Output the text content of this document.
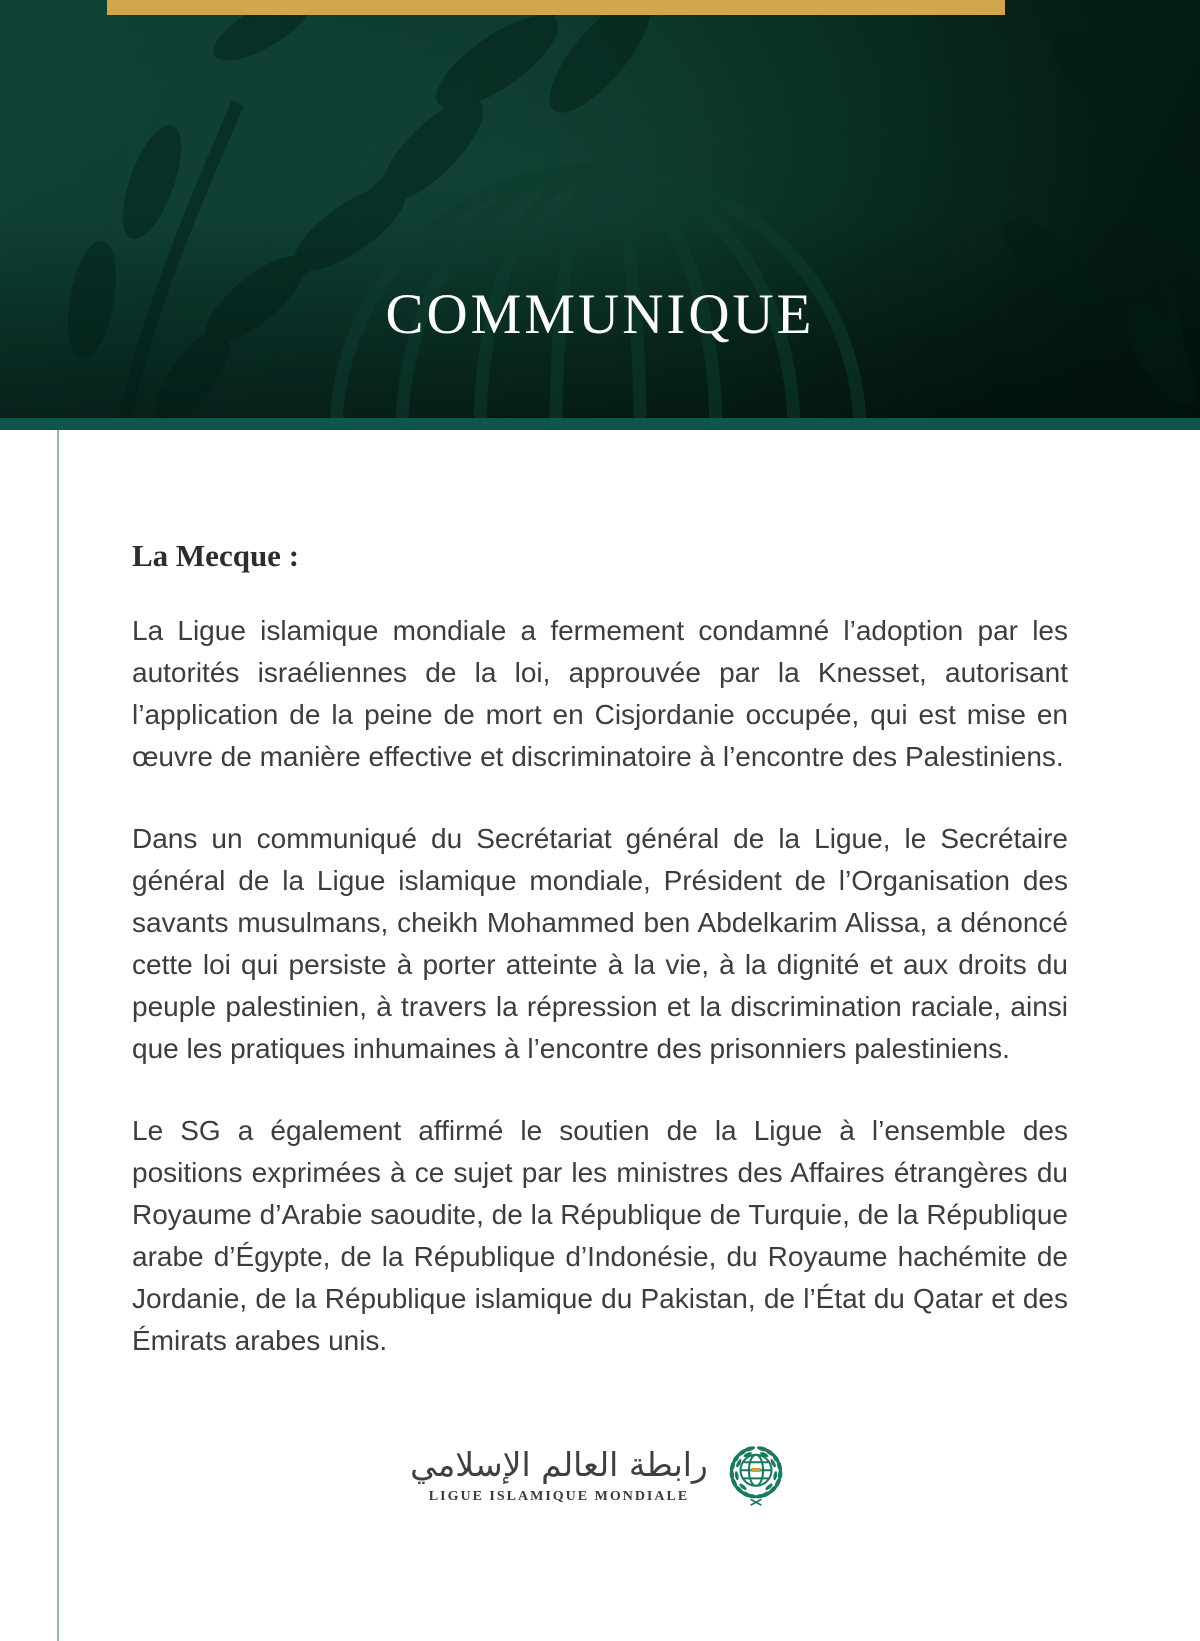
COMMUNIQUE
La Mecque :

La Ligue islamique mondiale a fermement condamné l’adoption par les autorités israéliennes de la loi, approuvée par la Knesset, autorisant l’application de la peine de mort en Cisjordanie occupée, qui est mise en œuvre de manière effective et discriminatoire à l’encontre des Palestiniens.

Dans un communiqué du Secrétariat général de la Ligue, le Secrétaire général de la Ligue islamique mondiale, Président de l’Organisation des savants musulmans, cheikh Mohammed ben Abdelkarim Alissa, a dénoncé cette loi qui persiste à porter atteinte à la vie, à la dignité et aux droits du peuple palestinien, à travers la répression et la discrimination raciale, ainsi que les pratiques inhumaines à l’encontre des prisonniers palestiniens.

Le SG a également affirmé le soutien de la Ligue à l’ensemble des positions exprimées à ce sujet par les ministres des Affaires étrangères du Royaume d’Arabie saoudite, de la République de Turquie, de la République arabe d’Égypte, de la République d’Indonésie, du Royaume hachémite de Jordanie, de la République islamique du Pakistan, de l’État du Qatar et des Émirats arabes unis.

رابطة العالم الإسلامي
LIGUE ISLAMIQUE MONDIALE
